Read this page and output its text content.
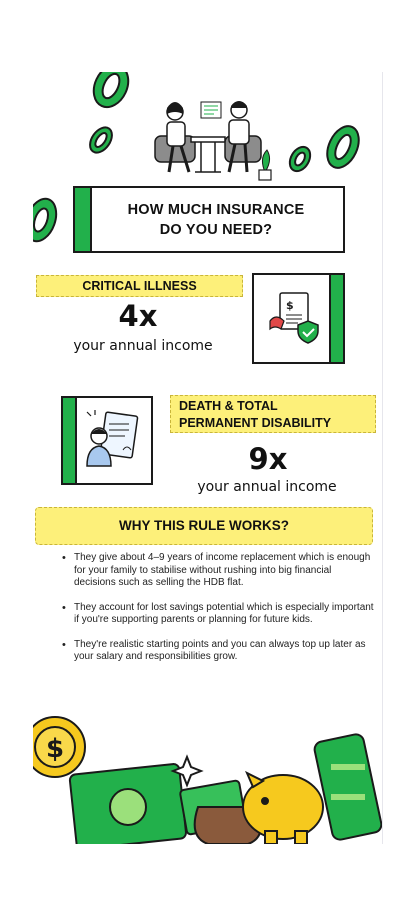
HOW MUCH INSURANCE
DO YOU NEED?
CRITICAL ILLNESS
4x
your annual income
$
DEATH & TOTAL
PERMANENT DISABILITY
9x
your annual income
WHY THIS RULE WORKS?
• They give about 4–9 years of income replacement which is enough for your family to stabilise without rushing into big financial decisions such as selling the HDB flat.
• They account for lost savings potential which is especially important if you're supporting parents or planning for future kids.
• They're realistic starting points and you can always top up later as your salary and responsibilities grow.
$
